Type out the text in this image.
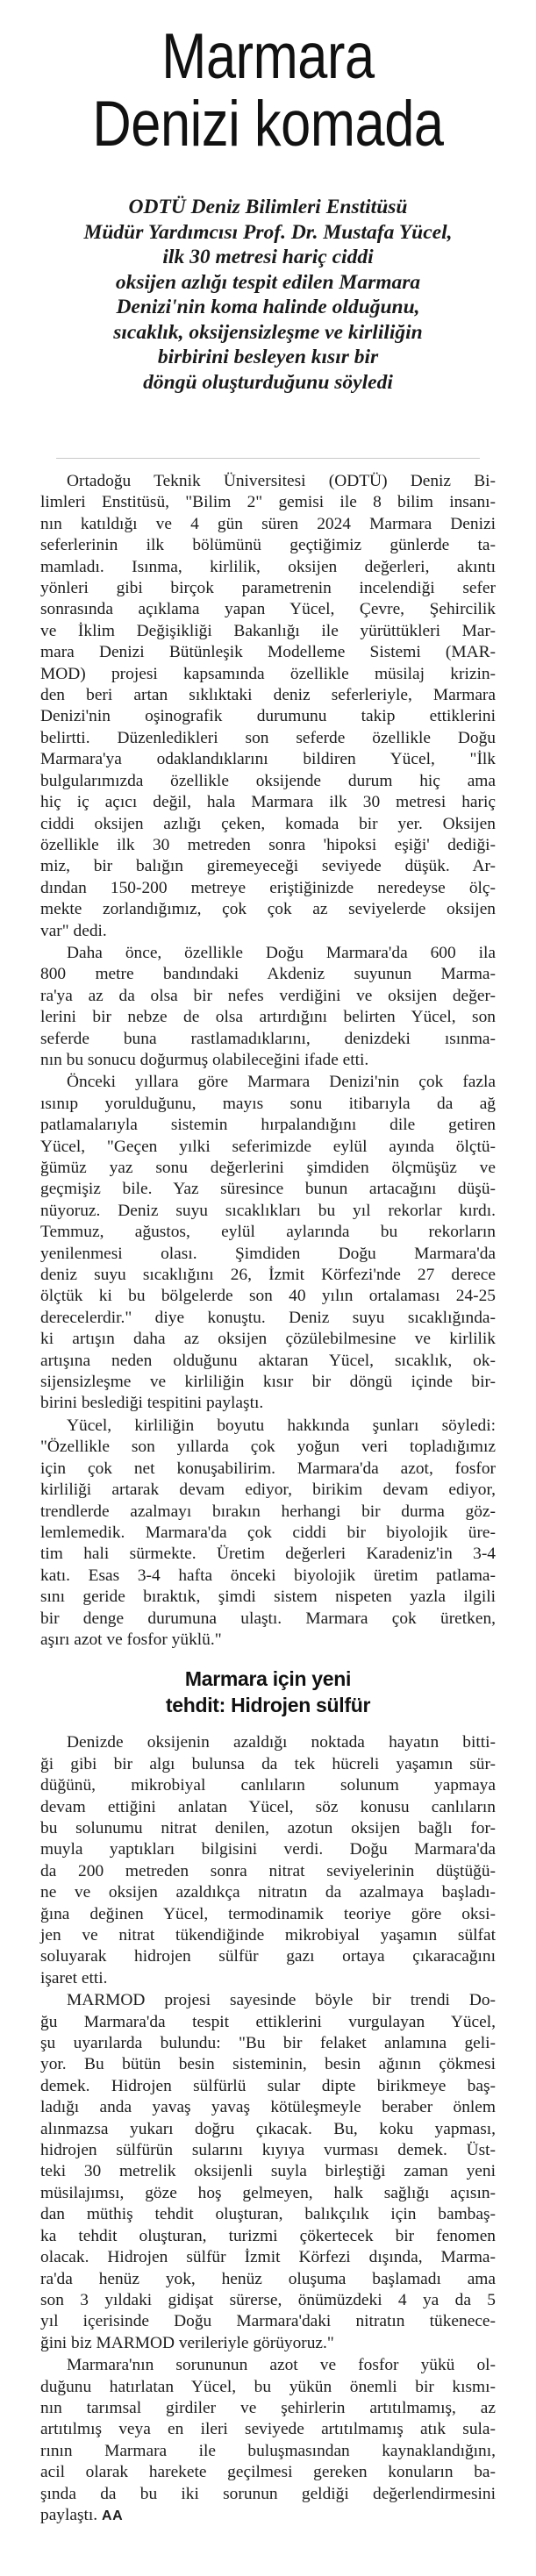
Marmara
Denizi komada
ODTÜ Deniz Bilimleri Enstitüsü
Müdür Yardımcısı Prof. Dr. Mustafa Yücel,
ilk 30 metresi hariç ciddi
oksijen azlığı tespit edilen Marmara
Denizi'nin koma halinde olduğunu,
sıcaklık, oksijensizleşme ve kirliliğin
birbirini besleyen kısır bir
döngü oluşturduğunu söyledi

Ortadoğu Teknik Üniversitesi (ODTÜ) Deniz Bi-
limleri Enstitüsü, "Bilim 2" gemisi ile 8 bilim insanı-
nın katıldığı ve 4 gün süren 2024 Marmara Denizi
seferlerinin ilk bölümünü geçtiğimiz günlerde ta-
mamladı. Isınma, kirlilik, oksijen değerleri, akıntı
yönleri gibi birçok parametrenin incelendiği sefer
sonrasında açıklama yapan Yücel, Çevre, Şehircilik
ve İklim Değişikliği Bakanlığı ile yürüttükleri Mar-
mara Denizi Bütünleşik Modelleme Sistemi (MAR-
MOD) projesi kapsamında özellikle müsilaj krizin-
den beri artan sıklıktaki deniz seferleriyle, Marmara
Denizi'nin oşinografik durumunu takip ettiklerini
belirtti. Düzenledikleri son seferde özellikle Doğu
Marmara'ya odaklandıklarını bildiren Yücel, "İlk
bulgularımızda özellikle oksijende durum hiç ama
hiç iç açıcı değil, hala Marmara ilk 30 metresi hariç
ciddi oksijen azlığı çeken, komada bir yer. Oksijen
özellikle ilk 30 metreden sonra 'hipoksi eşiği' dediği-
miz, bir balığın giremeyeceği seviyede düşük. Ar-
dından 150-200 metreye eriştiğinizde neredeyse ölç-
mekte zorlandığımız, çok çok az seviyelerde oksijen
var" dedi.

Daha önce, özellikle Doğu Marmara'da 600 ila
800 metre bandındaki Akdeniz suyunun Marma-
ra'ya az da olsa bir nefes verdiğini ve oksijen değer-
lerini bir nebze de olsa artırdığını belirten Yücel, son
seferde buna rastlamadıklarını, denizdeki ısınma-
nın bu sonucu doğurmuş olabileceğini ifade etti.

Önceki yıllara göre Marmara Denizi'nin çok fazla
ısınıp yorulduğunu, mayıs sonu itibarıyla da ağ
patlamalarıyla sistemin hırpalandığını dile getiren
Yücel, "Geçen yılki seferimizde eylül ayında ölçtü-
ğümüz yaz sonu değerlerini şimdiden ölçmüşüz ve
geçmişiz bile. Yaz süresince bunun artacağını düşü-
nüyoruz. Deniz suyu sıcaklıkları bu yıl rekorlar kırdı.
Temmuz, ağustos, eylül aylarında bu rekorların
yenilenmesi olası. Şimdiden Doğu Marmara'da
deniz suyu sıcaklığını 26, İzmit Körfezi'nde 27 derece
ölçtük ki bu bölgelerde son 40 yılın ortalaması 24-25
derecelerdir." diye konuştu. Deniz suyu sıcaklığında-
ki artışın daha az oksijen çözülebilmesine ve kirlilik
artışına neden olduğunu aktaran Yücel, sıcaklık, ok-
sijensizleşme ve kirliliğin kısır bir döngü içinde bir-
birini beslediği tespitini paylaştı.

Yücel, kirliliğin boyutu hakkında şunları söyledi:
"Özellikle son yıllarda çok yoğun veri topladığımız
için çok net konuşabilirim. Marmara'da azot, fosfor
kirliliği artarak devam ediyor, birikim devam ediyor,
trendlerde azalmayı bırakın herhangi bir durma göz-
lemlemedik. Marmara'da çok ciddi bir biyolojik üre-
tim hali sürmekte. Üretim değerleri Karadeniz'in 3-4
katı. Esas 3-4 hafta önceki biyolojik üretim patlama-
sını geride bıraktık, şimdi sistem nispeten yazla ilgili
bir denge durumuna ulaştı. Marmara çok üretken,
aşırı azot ve fosfor yüklü."

Marmara için yeni
tehdit: Hidrojen sülfür

Denizde oksijenin azaldığı noktada hayatın bitti-
ği gibi bir algı bulunsa da tek hücreli yaşamın sür-
düğünü, mikrobiyal canlıların solunum yapmaya
devam ettiğini anlatan Yücel, söz konusu canlıların
bu solunumu nitrat denilen, azotun oksijen bağlı for-
muyla yaptıkları bilgisini verdi. Doğu Marmara'da
da 200 metreden sonra nitrat seviyelerinin düştüğü-
ne ve oksijen azaldıkça nitratın da azalmaya başladı-
ğına değinen Yücel, termodinamik teoriye göre oksi-
jen ve nitrat tükendiğinde mikrobiyal yaşamın sülfat
soluyarak hidrojen sülfür gazı ortaya çıkaracağını
işaret etti.

MARMOD projesi sayesinde böyle bir trendi Do-
ğu Marmara'da tespit ettiklerini vurgulayan Yücel,
şu uyarılarda bulundu: "Bu bir felaket anlamına geli-
yor. Bu bütün besin sisteminin, besin ağının çökmesi
demek. Hidrojen sülfürlü sular dipte birikmeye baş-
ladığı anda yavaş yavaş kötüleşmeyle beraber önlem
alınmazsa yukarı doğru çıkacak. Bu, koku yapması,
hidrojen sülfürün sularını kıyıya vurması demek. Üst-
teki 30 metrelik oksijenli suyla birleştiği zaman yeni
müsilajımsı, göze hoş gelmeyen, halk sağlığı açısın-
dan müthiş tehdit oluşturan, balıkçılık için bambaş-
ka tehdit oluşturan, turizmi çökertecek bir fenomen
olacak. Hidrojen sülfür İzmit Körfezi dışında, Marma-
ra'da henüz yok, henüz oluşuma başlamadı ama
son 3 yıldaki gidişat sürerse, önümüzdeki 4 ya da 5
yıl içerisinde Doğu Marmara'daki nitratın tükenece-
ğini biz MARMOD verileriyle görüyoruz."

Marmara'nın sorununun azot ve fosfor yükü ol-
duğunu hatırlatan Yücel, bu yükün önemli bir kısmı-
nın tarımsal girdiler ve şehirlerin artıtılmamış, az
artıtılmış veya en ileri seviyede artıtılmamış atık sula-
rının Marmara ile buluşmasından kaynaklandığını,
acil olarak harekete geçilmesi gereken konuların ba-
şında da bu iki sorunun geldiği değerlendirmesini
paylaştı. AA
